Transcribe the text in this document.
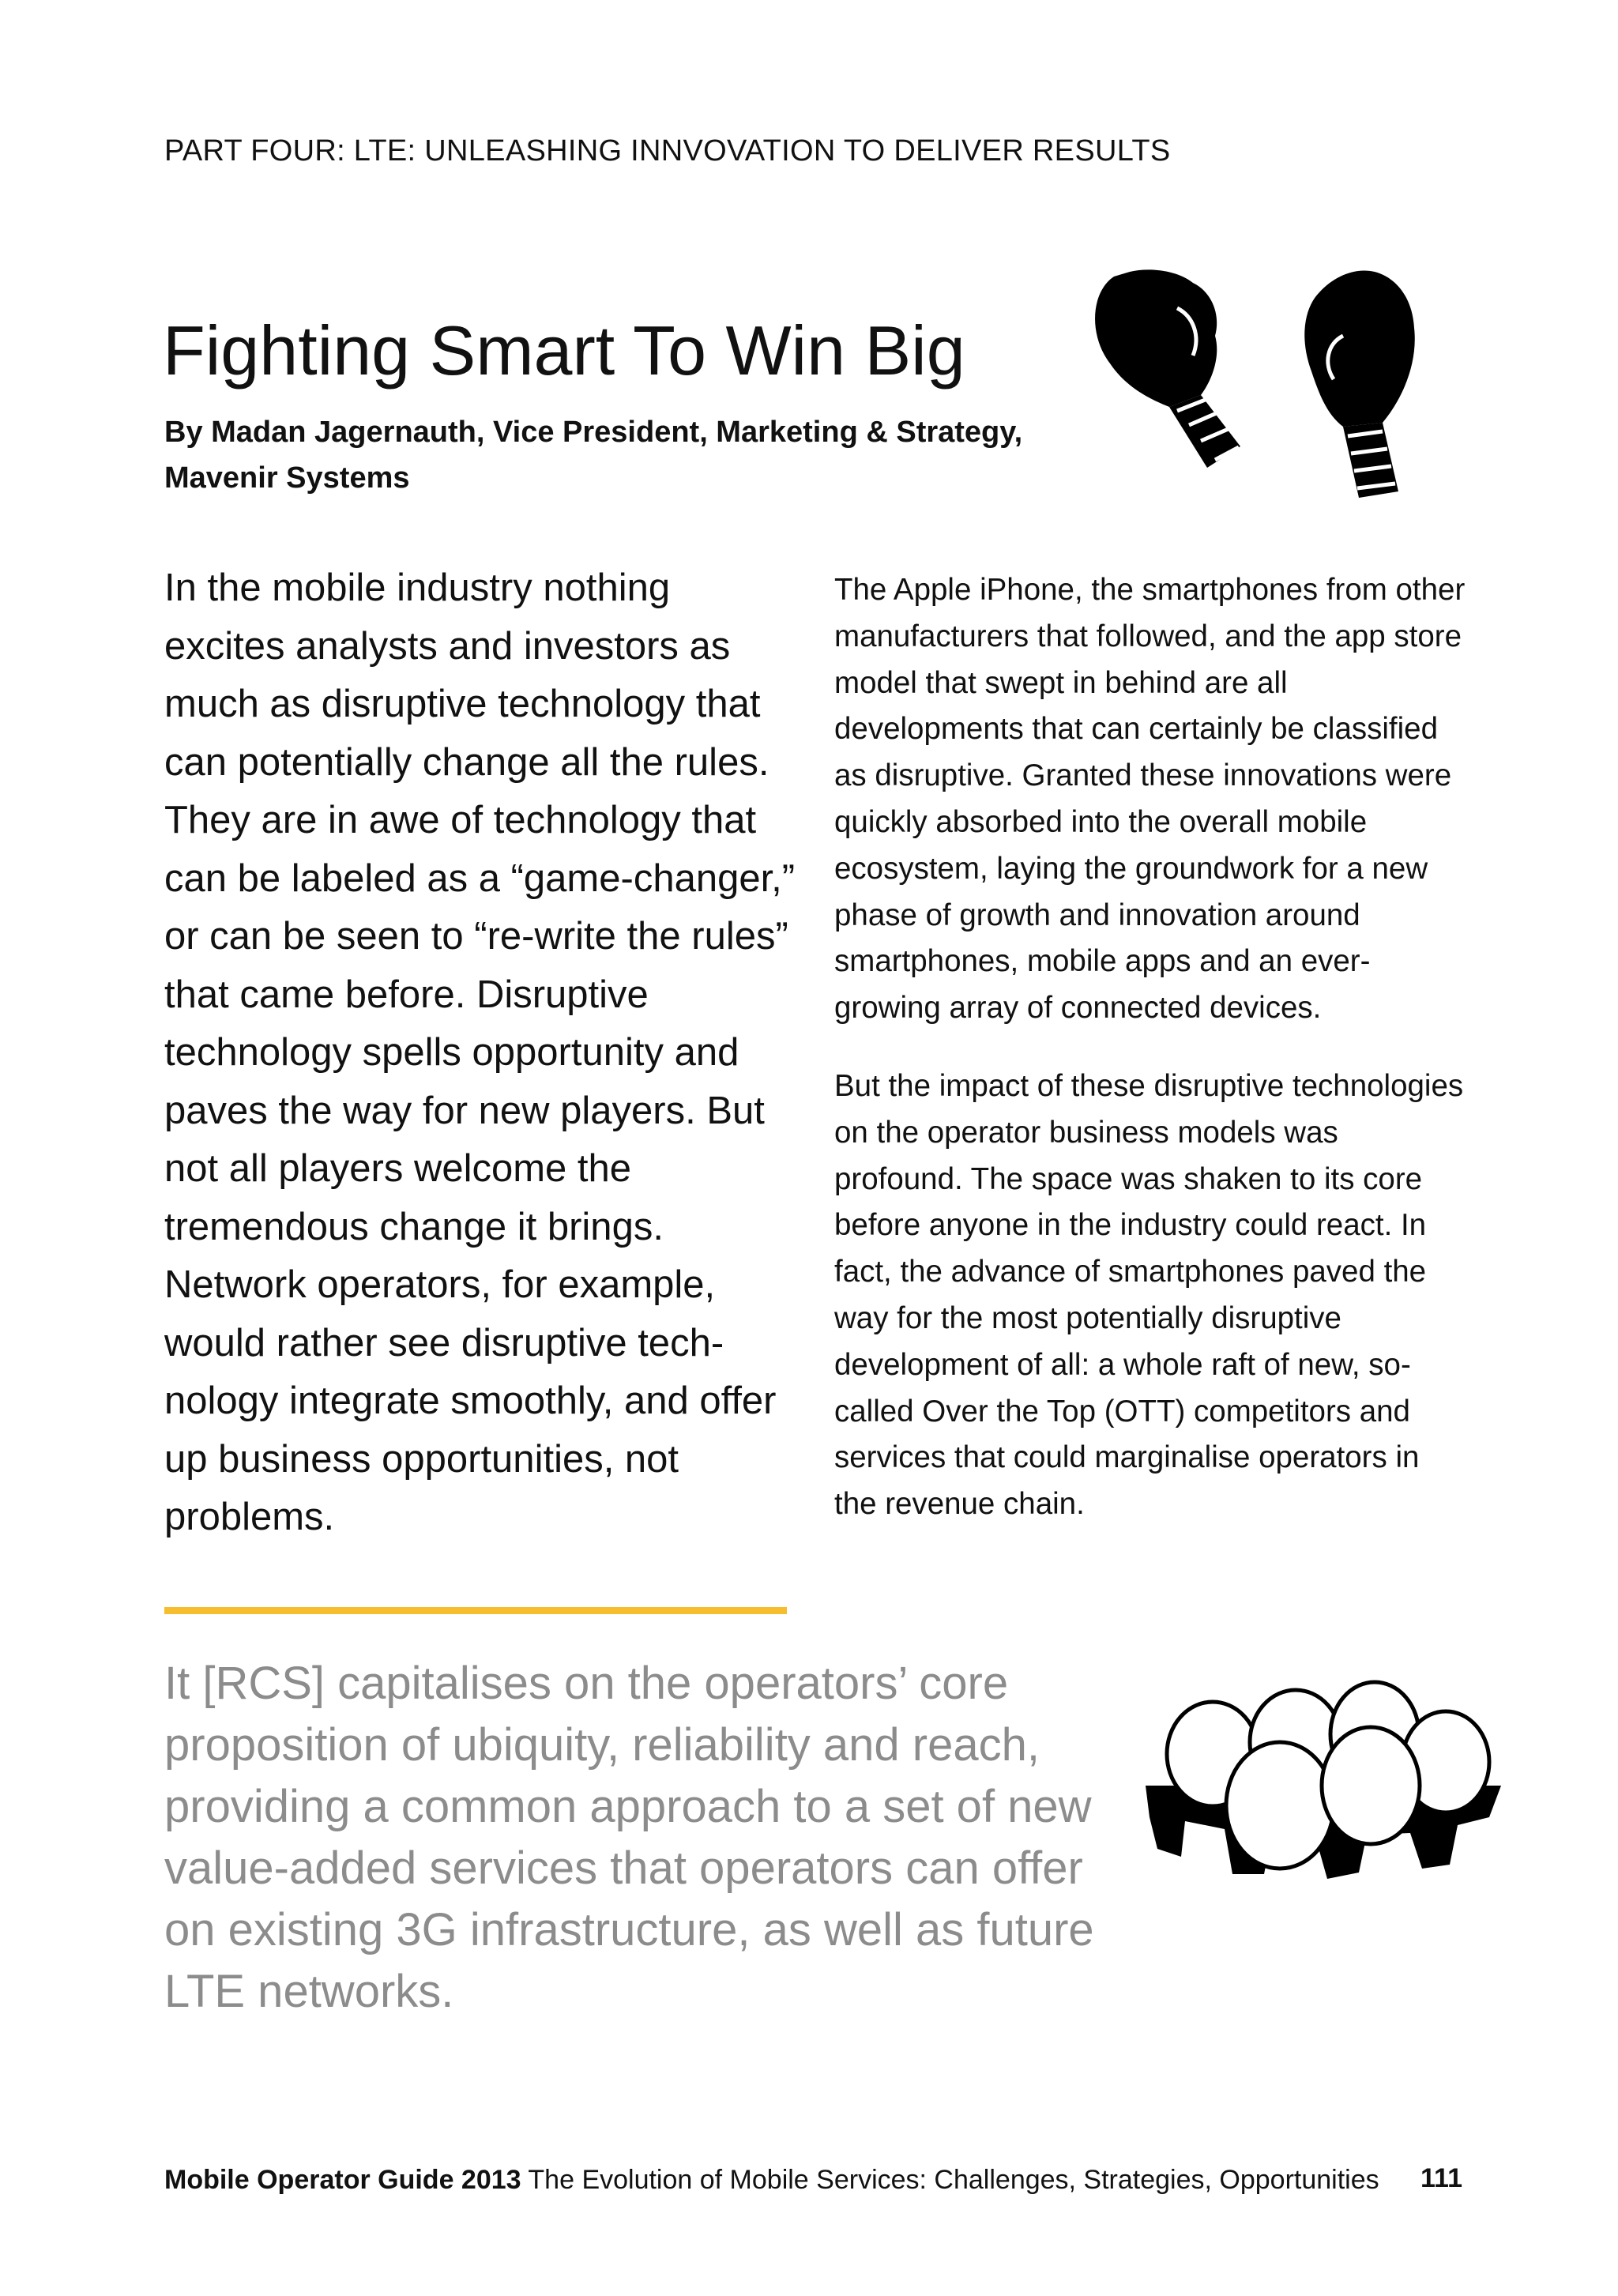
PART FOUR: LTE: UNLEASHING INNVOVATION TO DELIVER RESULTS
Fighting Smart To Win Big
By Madan Jagernauth, Vice President, Marketing & Strategy,
Mavenir Systems

In the mobile industry nothing excites analysts and investors as much as disruptive technology that can potentially change all the rules. They are in awe of technology that can be labeled as a “game-changer,” or can be seen to “re-write the rules” that came before. Disruptive technology spells opportunity and paves the way for new players. But not all players welcome the tremendous change it brings. Network operators, for example, would rather see disruptive technology integrate smoothly, and offer up business opportunities, not problems.

The Apple iPhone, the smartphones from other manufacturers that followed, and the app store model that swept in behind are all developments that can certainly be classified as disruptive. Granted these innovations were quickly absorbed into the overall mobile ecosystem, laying the groundwork for a new phase of growth and innovation around smartphones, mobile apps and an ever-growing array of connected devices.

But the impact of these disruptive technologies on the operator business models was profound. The space was shaken to its core before anyone in the industry could react. In fact, the advance of smartphones paved the way for the most potentially disruptive development of all: a whole raft of new, so-called Over the Top (OTT) competitors and services that could marginalise operators in the revenue chain.

It [RCS] capitalises on the operators’ core proposition of ubiquity, reliability and reach, providing a common approach to a set of new value-added services that operators can offer on existing 3G infrastructure, as well as future LTE networks.

Mobile Operator Guide 2013 The Evolution of Mobile Services: Challenges, Strategies, Opportunities 111
